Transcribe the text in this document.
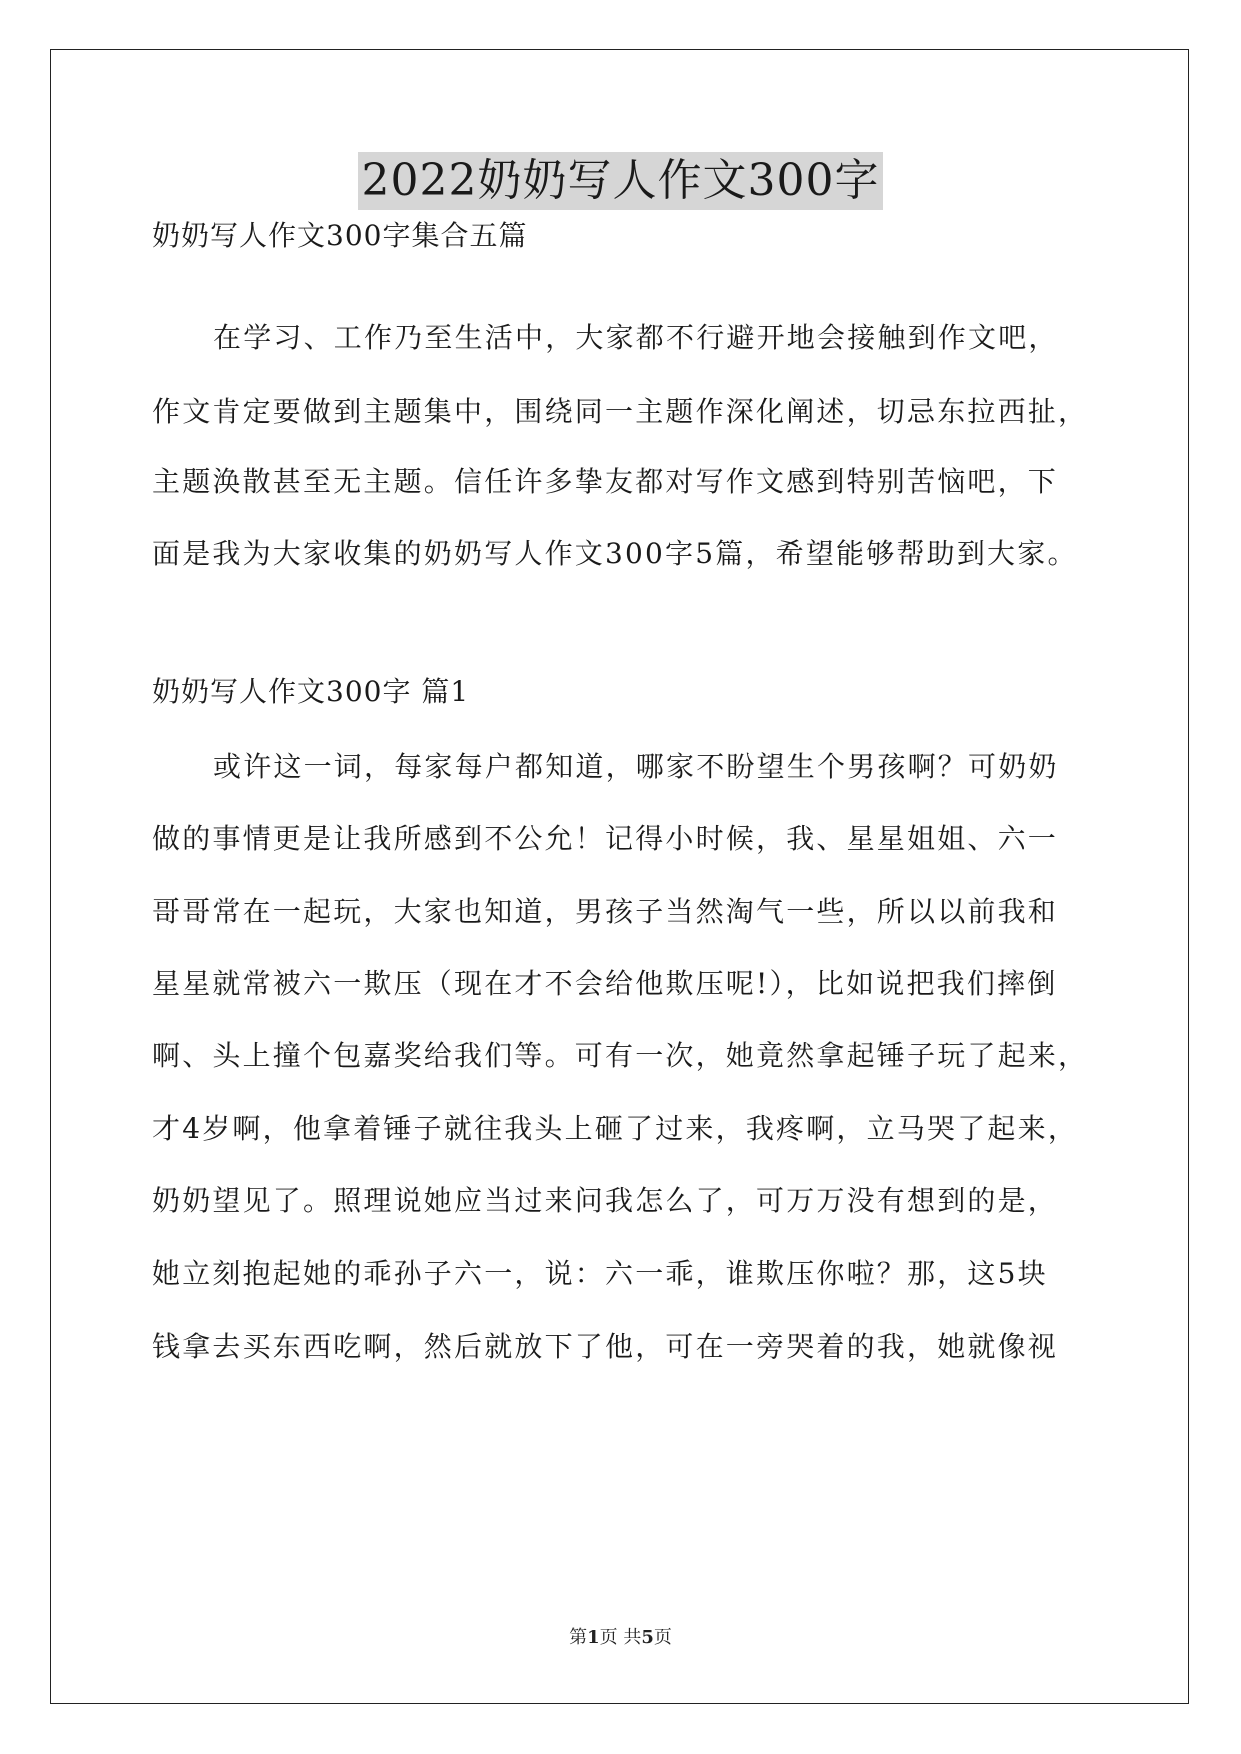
2022奶奶写人作文300字
奶奶写人作文300字集合五篇
在学习、工作乃至生活中，大家都不行避开地会接触到作文吧，
作文肯定要做到主题集中，围绕同一主题作深化阐述，切忌东拉西扯，
主题涣散甚至无主题。信任许多挚友都对写作文感到特别苦恼吧，下
面是我为大家收集的奶奶写人作文300字5篇，希望能够帮助到大家。
奶奶写人作文300字 篇1
或许这一词，每家每户都知道，哪家不盼望生个男孩啊？可奶奶
做的事情更是让我所感到不公允！记得小时候，我、星星姐姐、六一
哥哥常在一起玩，大家也知道，男孩子当然淘气一些，所以以前我和
星星就常被六一欺压（现在才不会给他欺压呢!），比如说把我们摔倒
啊、头上撞个包嘉奖给我们等。可有一次，她竟然拿起锤子玩了起来，
才4岁啊，他拿着锤子就往我头上砸了过来，我疼啊，立马哭了起来，
奶奶望见了。照理说她应当过来问我怎么了，可万万没有想到的是，
她立刻抱起她的乖孙子六一，说：六一乖，谁欺压你啦？那，这5块
钱拿去买东西吃啊，然后就放下了他，可在一旁哭着的我，她就像视
第1页 共5页
